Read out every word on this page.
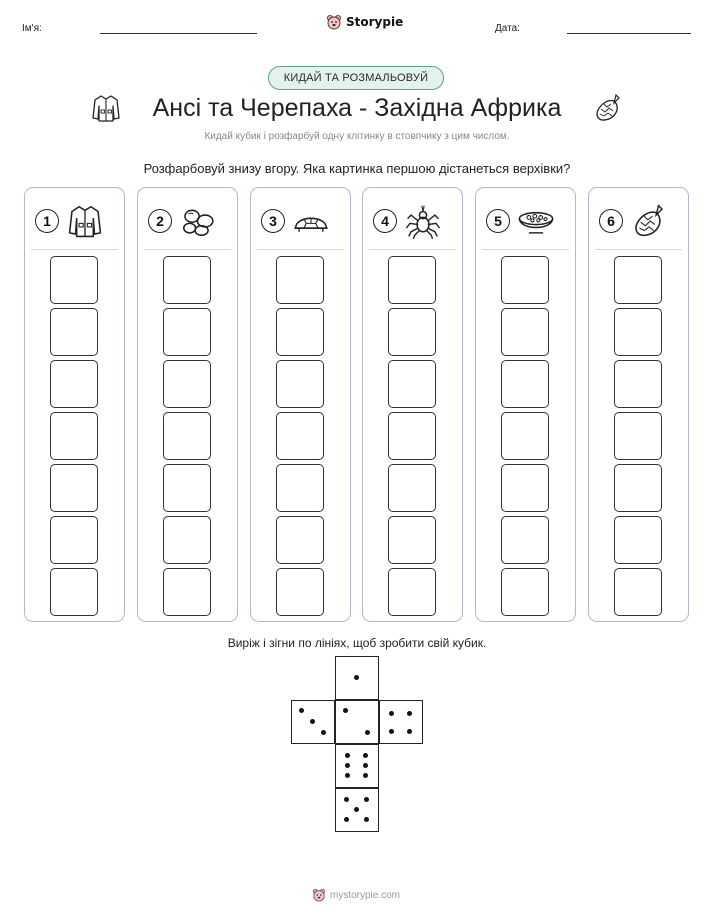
Ім'я:	Storypie	Дата:
КИДАЙ ТА РОЗМАЛЬОВУЙ
Ансі та Черепаха - Західна Африка
Кидай кубик і розфарбуй одну клітинку в стовпчику з цим числом.
Розфарбовуй знизу вгору. Яка картинка першою дістанеться верхівки?
1	2	3	4	5	6
Виріж і зігни по лініях, щоб зробити свій кубик.
mystorypie.com
